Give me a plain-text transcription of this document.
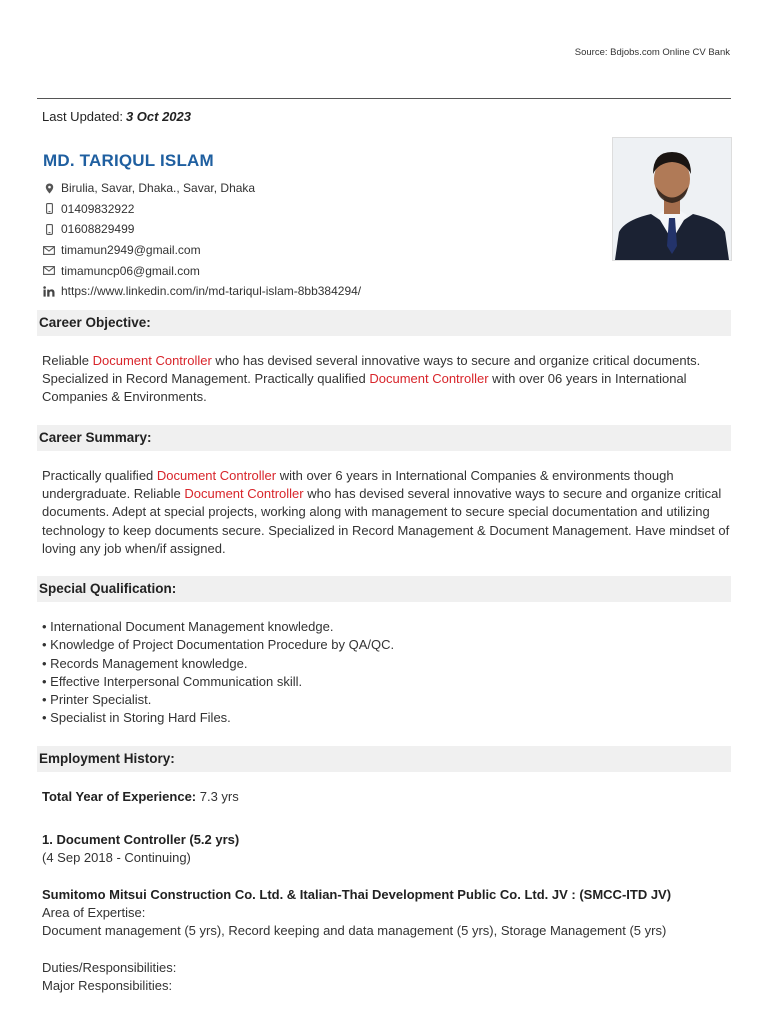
Source: Bdjobs.com Online CV Bank
Last Updated: 3 Oct 2023
MD. TARIQUL ISLAM
Birulia, Savar, Dhaka., Savar, Dhaka
01409832922
01608829499
timamun2949@gmail.com
timamuncp06@gmail.com
https://www.linkedin.com/in/md-tariqul-islam-8bb384294/
Career Objective:

Reliable Document Controller who has devised several innovative ways to secure and organize critical documents. Specialized in Record Management. Practically qualified Document Controller with over 06 years in International Companies & Environments.

Career Summary:

Practically qualified Document Controller with over 6 years in International Companies & environments though undergraduate. Reliable Document Controller who has devised several innovative ways to secure and organize critical documents. Adept at special projects, working along with management to secure special documentation and utilizing technology to keep documents secure. Specialized in Record Management & Document Management. Have mindset of loving any job when/if assigned.

Special Qualification:
• International Document Management knowledge.
• Knowledge of Project Documentation Procedure by QA/QC.
• Records Management knowledge.
• Effective Interpersonal Communication skill.
• Printer Specialist.
• Specialist in Storing Hard Files.
Employment History:
Total Year of Experience: 7.3 yrs
1. Document Controller (5.2 yrs)
(4 Sep 2018 - Continuing)
Sumitomo Mitsui Construction Co. Ltd. & Italian-Thai Development Public Co. Ltd. JV : (SMCC-ITD JV)
Area of Expertise:
Document management (5 yrs), Record keeping and data management (5 yrs), Storage Management (5 yrs)
Duties/Responsibilities:
Major Responsibilities:
